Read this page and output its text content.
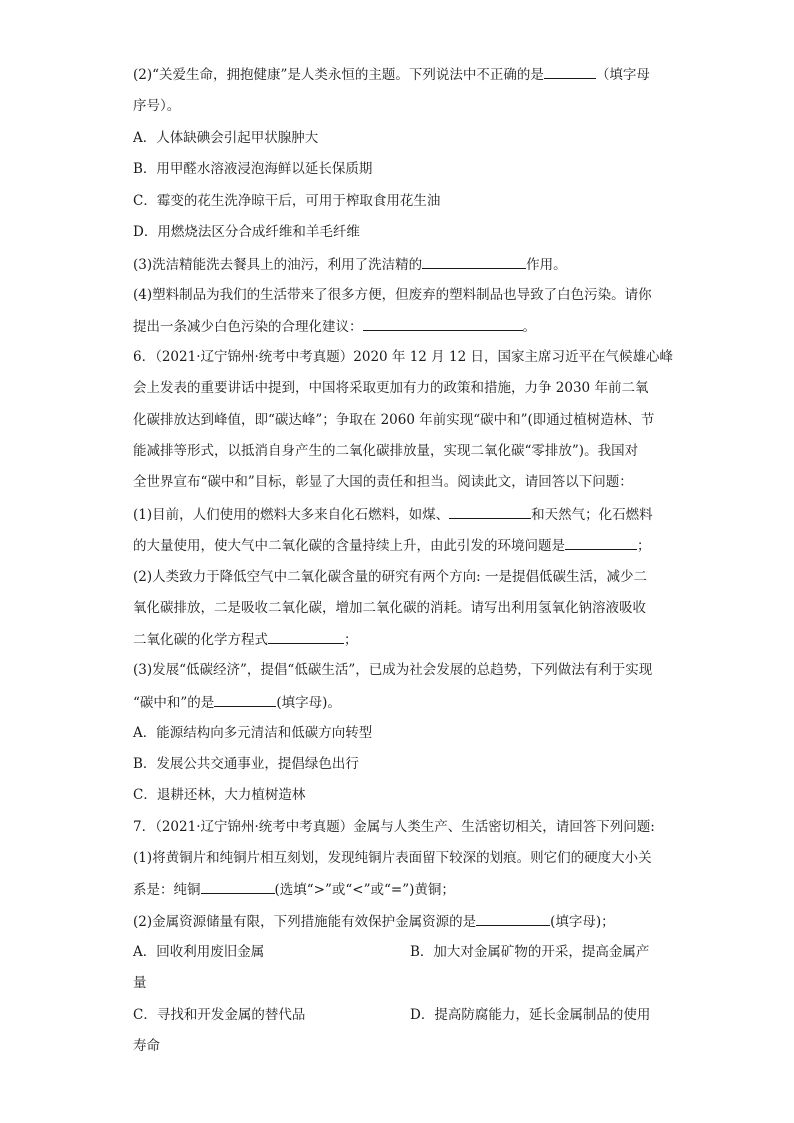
(2)“关爱生命，拥抱健康”是人类永恒的主题。下列说法中不正确的是	（填字母
序号）。
A．人体缺碘会引起甲状腺肿大
B．用甲醛水溶液浸泡海鲜以延长保质期
C．霉变的花生洗净晾干后，可用于榨取食用花生油
D．用燃烧法区分合成纤维和羊毛纤维
(3)洗洁精能洗去餐具上的油污，利用了洗洁精的	作用。
(4)塑料制品为我们的生活带来了很多方便，但废弃的塑料制品也导致了白色污染。请你
提出一条减少白色污染的合理化建议：	。
6．（2021·辽宁锦州·统考中考真题）2020 年 12 月 12 日，国家主席习近平在气候雄心峰
会上发表的重要讲话中提到，中国将采取更加有力的政策和措施，力争 2030 年前二氧
化碳排放达到峰值，即“碳达峰”；争取在 2060 年前实现“碳中和”(即通过植树造林、节
能减排等形式，以抵消自身产生的二氧化碳排放量，实现二氧化碳“零排放”)。我国对
全世界宣布“碳中和”目标，彰显了大国的责任和担当。阅读此文，请回答以下问题：
(1)目前，人们使用的燃料大多来自化石燃料，如煤、	和天然气；化石燃料
的大量使用，使大气中二氧化碳的含量持续上升，由此引发的环境问题是	；
(2)人类致力于降低空气中二氧化碳含量的研究有两个方向: 一是提倡低碳生活，减少二
氧化碳排放，二是吸收二氧化碳，增加二氧化碳的消耗。请写出利用氢氧化钠溶液吸收
二氧化碳的化学方程式	；
(3)发展“低碳经济”，提倡“低碳生活”，已成为社会发展的总趋势，下列做法有利于实现
“碳中和”的是	(填字母)。
A．能源结构向多元清洁和低碳方向转型
B．发展公共交通事业，提倡绿色出行
C．退耕还林，大力植树造林
7．（2021·辽宁锦州·统考中考真题）金属与人类生产、生活密切相关，请回答下列问题:
(1)将黄铜片和纯铜片相互刻划，发现纯铜片表面留下较深的划痕。则它们的硬度大小关
系是：纯铜	(选填“>”或“<”或“=”)黄铜；
(2)金属资源储量有限，下列措施能有效保护金属资源的是	(填字母)；
A．回收利用废旧金属	B．加大对金属矿物的开采，提高金属产
量
C．寻找和开发金属的替代品	D．提高防腐能力，延长金属制品的使用
寿命
